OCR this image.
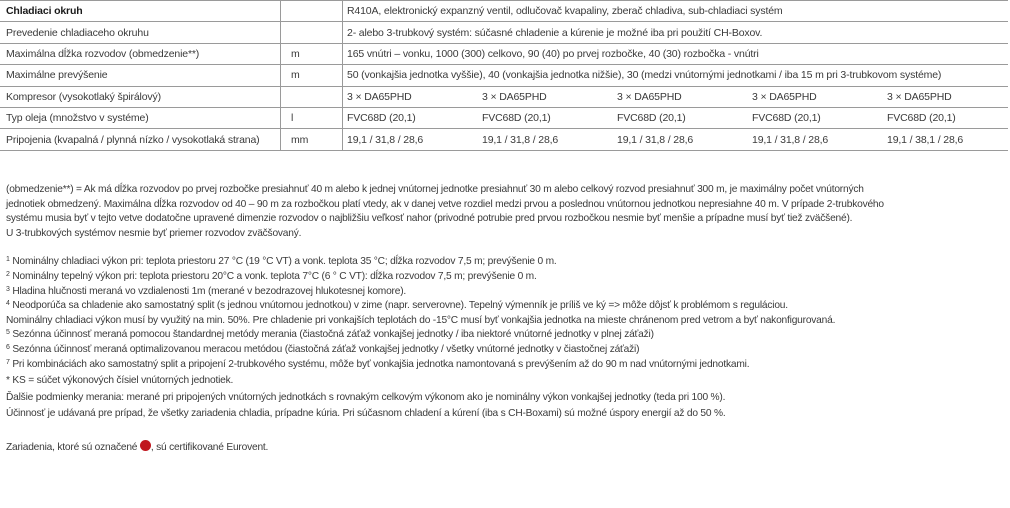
Chladiaci okruh		R410A, elektronický expanzný ventil, odlučovač kvapaliny, zberač chladiva, sub-chladiaci systém				
Prevedenie chladiaceho okruhu		2- alebo 3-trubkový systém: súčasné chladenie a kúrenie je možné iba pri použití CH-Boxov.				
Maximálna dĺžka rozvodov (obmedzenie**)	m	165 vnútri – vonku, 1000 (300) celkovo, 90 (40) po prvej rozbočke, 40 (30) rozbočka - vnútri				
Maximálne prevýšenie	m	50 (vonkajšia jednotka vyššie), 40 (vonkajšia jednotka nižšie), 30 (medzi vnútornými jednotkami / iba 15 m pri 3-trubkovom systéme)				
Kompresor (vysokotlaký špirálový)		3 × DA65PHD	3 × DA65PHD	3 × DA65PHD	3 × DA65PHD	3 × DA65PHD
Typ oleja (množstvo v systéme)	l	FVC68D (20,1)	FVC68D (20,1)	FVC68D (20,1)	FVC68D (20,1)	FVC68D (20,1)
Pripojenia (kvapalná / plynná nízko / vysokotlaká strana)	mm	19,1 / 31,8 / 28,6	19,1 / 31,8 / 28,6	19,1 / 31,8 / 28,6	19,1 / 31,8 / 28,6	19,1 / 38,1 / 28,6

(obmedzenie**) = Ak má dĺžka rozvodov po prvej rozbočke presiahnuť 40 m alebo k jednej vnútornej jednotke presiahnuť 30 m alebo celkový rozvod presiahnuť 300 m, je maximálny počet vnútorných

jednotiek obmedzený. Maximálna dĺžka rozvodov od 40 – 90 m za rozbočkou platí vtedy, ak v danej vetve rozdiel medzi prvou a poslednou vnútornou jednotkou nepresiahne 40 m. V prípade 2-trubkového

systému musia byť v tejto vetve dodatočne upravené dimenzie rozvodov o najbližšiu veľkosť nahor (privodné potrubie pred prvou rozbočkou nesmie byť menšie a prípadne musí byť tiež zväčšené).

U 3-trubkových systémov nesmie byť priemer rozvodov zväčšovaný.

$^1$ Nominálny chladiaci výkon pri: teplota priestoru 27 °C (19 °C VT) a vonk. teplota 35 °C; dĺžka rozvodov 7,5 m; prevýšenie 0 m.

$^2$ Nominálny tepelný výkon pri: teplota priestoru 20°C a vonk. teplota 7°C (6 ° C VT): dĺžka rozvodov 7,5 m; prevýšenie 0 m.

$^3$ Hladina hlučnosti meraná vo vzdialenosti 1m (merané v bezodrazovej hlukotesnej komore).

$^4$ Neodporúča sa chladenie ako samostatný split (s jednou vnútornou jednotkou) v zime (napr. serverovne). Tepelný výmenník je príliš ve ký => môže dôjsť k problémom s reguláciou.

Nominálny chladiaci výkon musí by využitý na min. 50%. Pre chladenie pri vonkajších teplotách do -15°C musí byť vonkajšia jednotka na mieste chránenom pred vetrom a byť nakonfigurovaná.

$^5$ Sezónna účinnosť meraná pomocou štandardnej metódy merania (čiastočná záťaž vonkajšej jednotky / iba niektoré vnútorné jednotky v plnej záťaži)

$^6$ Sezónna účinnosť meraná optimalizovanou meracou metódou (čiastočná záťaž vonkajšej jednotky / všetky vnútorné jednotky v čiastočnej záťaži)

$^7$ Pri kombináciách ako samostatný split a pripojení 2-trubkového systému, môže byť vonkajšia jednotka namontovaná s prevýšením až do 90 m nad vnútornými jednotkami.

* KS = súčet výkonových čísiel vnútorných jednotiek.

Ďalšie podmienky merania: merané pri pripojených vnútorných jednotkách s rovnakým celkovým výkonom ako je nominálny výkon vonkajšej jednotky (teda pri 100 %).

Účinnosť je udávaná pre prípad, že všetky zariadenia chladia, prípadne kúria. Pri súčasnom chladení a kúrení (iba s CH-Boxami) sú možné úspory energií až do 50 %.

Zariadenia, ktoré sú označené , sú certifikované Eurovent.
